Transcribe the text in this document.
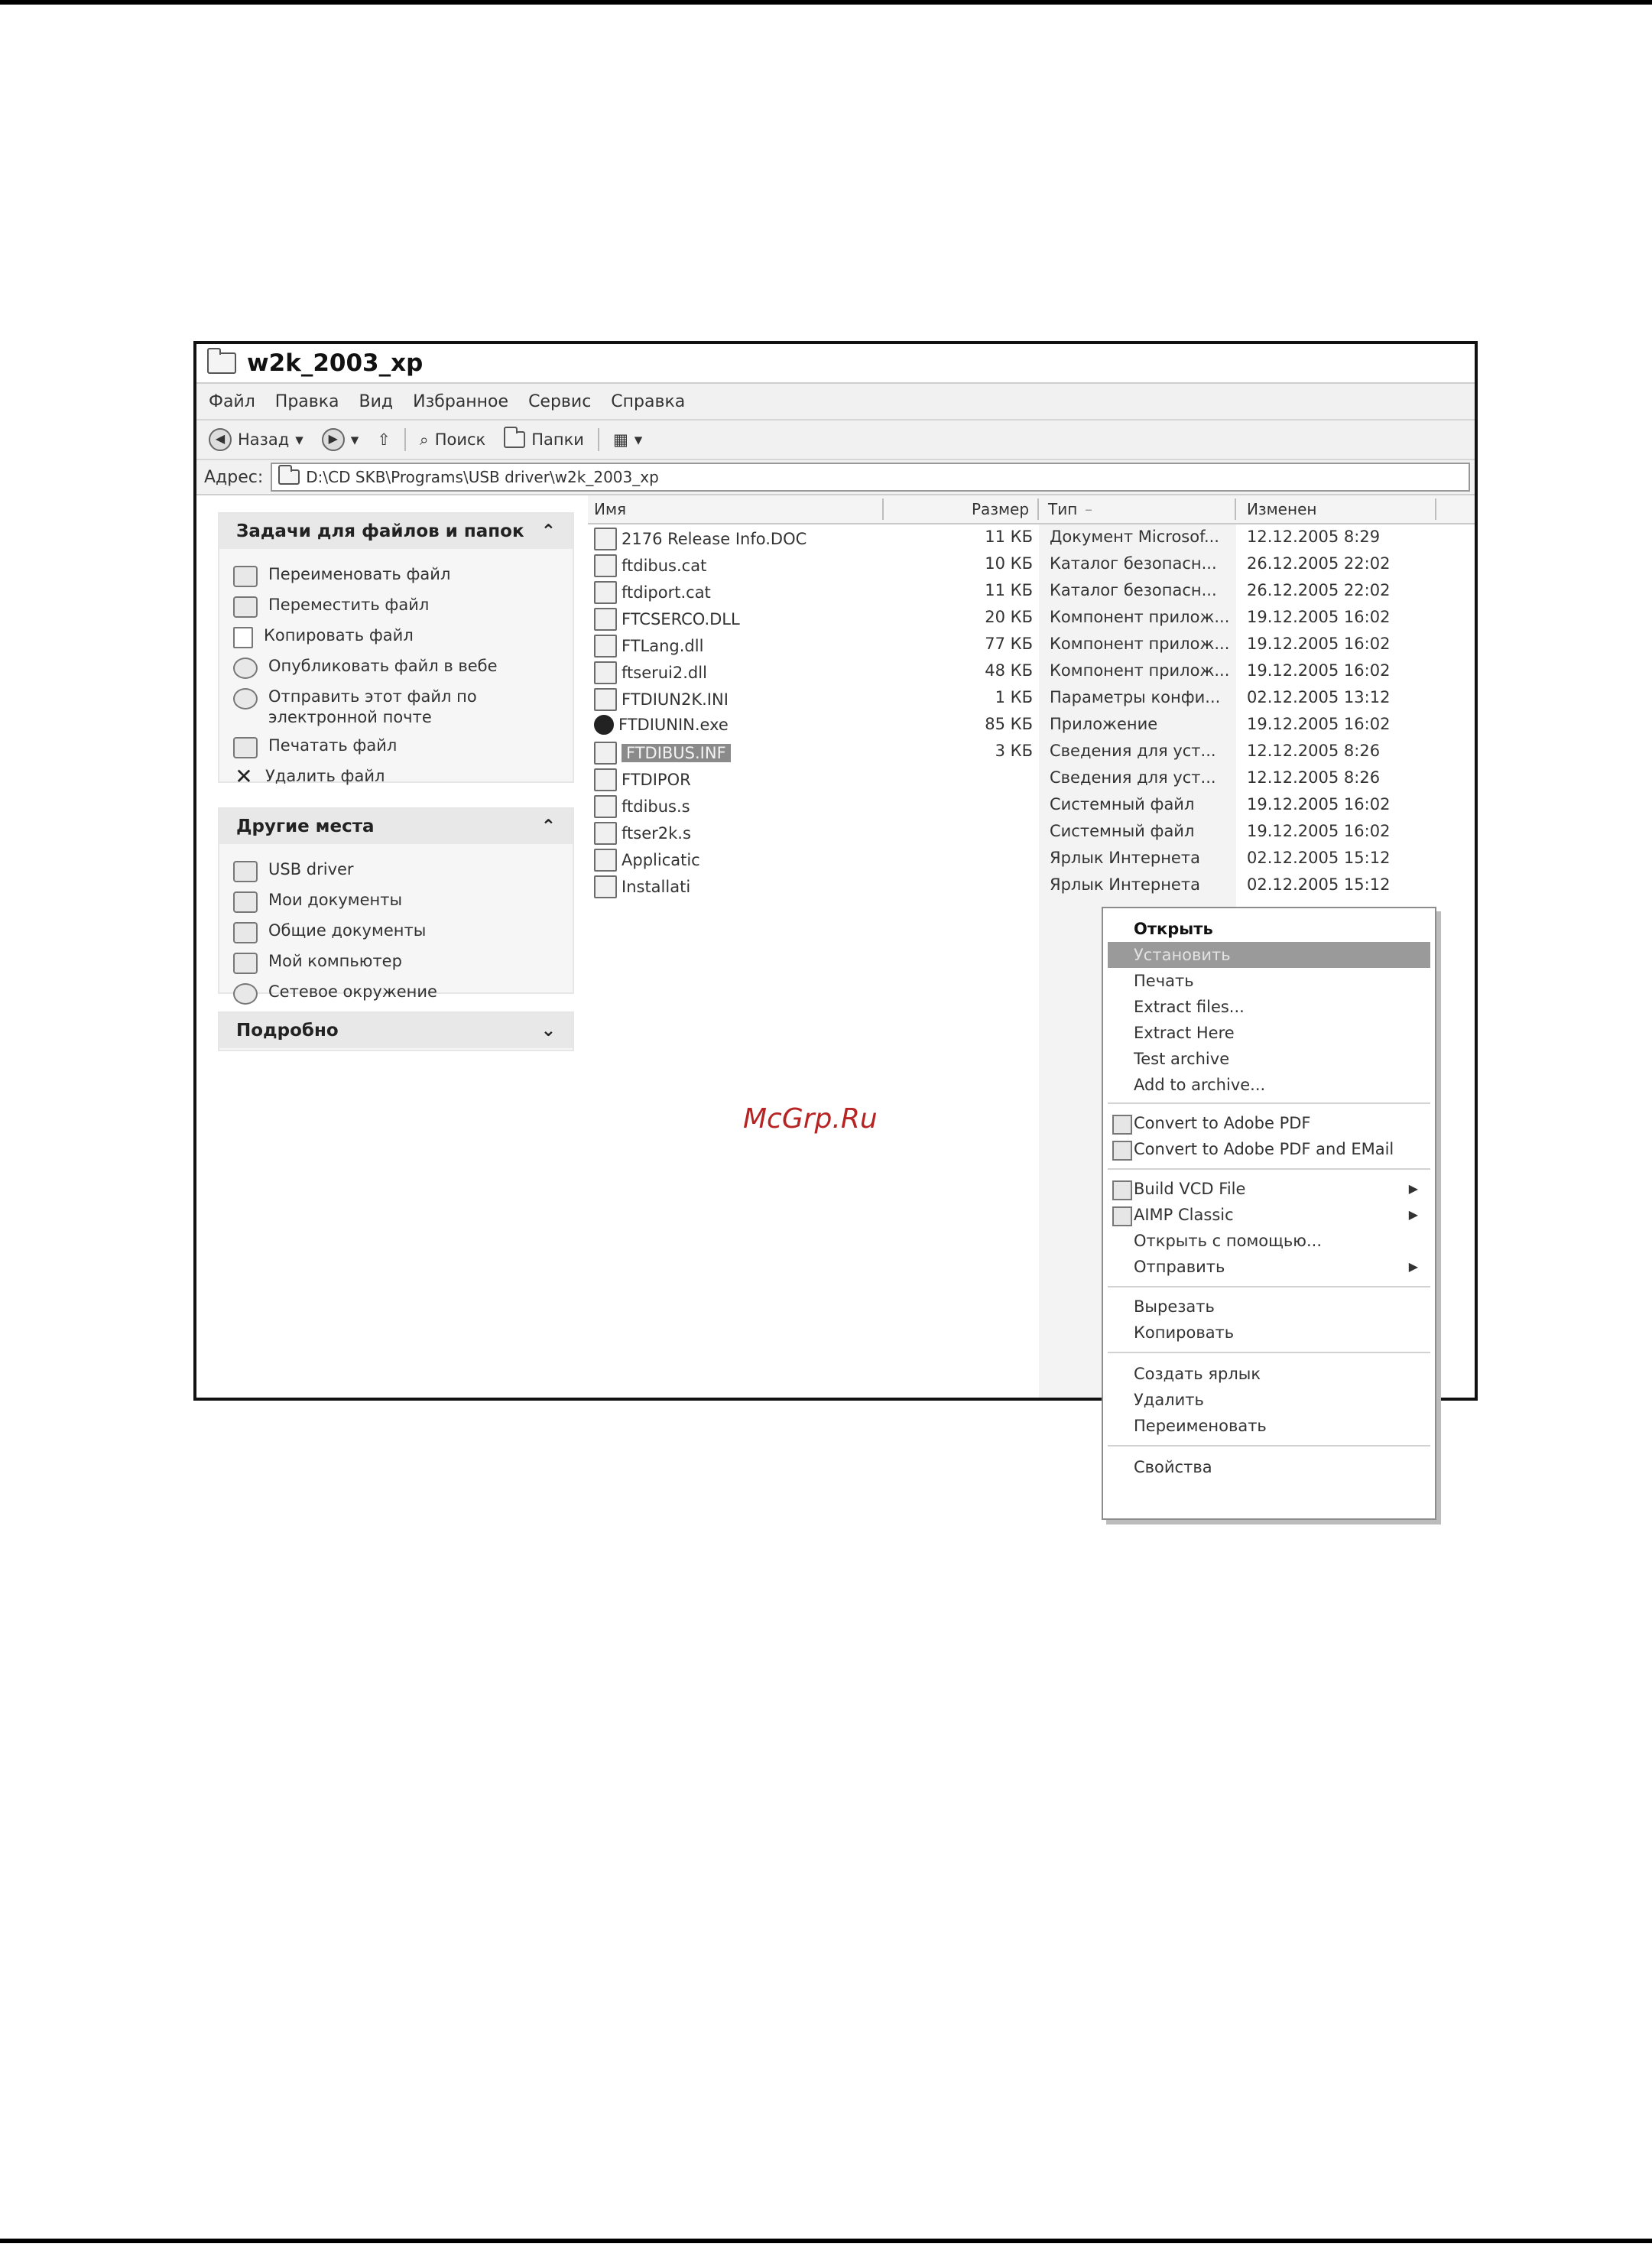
w2k_2003_xp
Файл Правка Вид Избранное Сервис Справка
◀ Назад ▾	▶ ▾ ⇧ ⌕ Поиск	Папки ▦ ▾
Адрес:	D:\CD SKB\Programs\USB driver\w2k_2003_xp
Задачи для файлов и папок ⌃
Переименовать файл
Переместить файл
Копировать файл
Опубликовать файл в вебе
Отправить этот файл по электронной почте
Печатать файл
✕ Удалить файл
Другие места	⌃
USB driver
Мои документы
Общие документы
Мой компьютер
Сетевое окружение
Подробно	⌄
Имя	Размер Тип –	Изменен
2176 Release Info.DOC	11 КБ Документ Microsof... 12.12.2005 8:29
ftdibus.cat	10 КБ Каталог безопасн... 26.12.2005 22:02
ftdiport.cat	11 КБ Каталог безопасн... 26.12.2005 22:02
FTCSERCO.DLL	20 КБ Компонент прилож... 19.12.2005 16:02
FTLang.dll	77 КБ Компонент прилож... 19.12.2005 16:02
ftserui2.dll	48 КБ Компонент прилож... 19.12.2005 16:02
FTDIUN2K.INI	1 КБ Параметры конфи... 02.12.2005 13:12
FTDIUNIN.exe	85 КБ Приложение	19.12.2005 16:02
FTDIBUS.INF	3 КБ Сведения для уст... 12.12.2005 8:26
FTDIPOR	Сведения для уст... 12.12.2005 8:26
ftdibus.s	Системный файл	19.12.2005 16:02
ftser2k.s	Системный файл	19.12.2005 16:02
Applicatic	Ярлык Интернета	02.12.2005 15:12
Installati	Ярлык Интернета	02.12.2005 15:12
Открыть
Установить
Печать
Extract files...
Extract Here
Test archive
Add to archive...
Convert to Adobe PDF
Convert to Adobe PDF and EMail
Build VCD File	▶
AIMP Classic	▶
Открыть с помощью...
Отправить	▶
Вырезать
Копировать
Создать ярлык
Удалить
Переименовать
Свойства
McGrp.Ru
